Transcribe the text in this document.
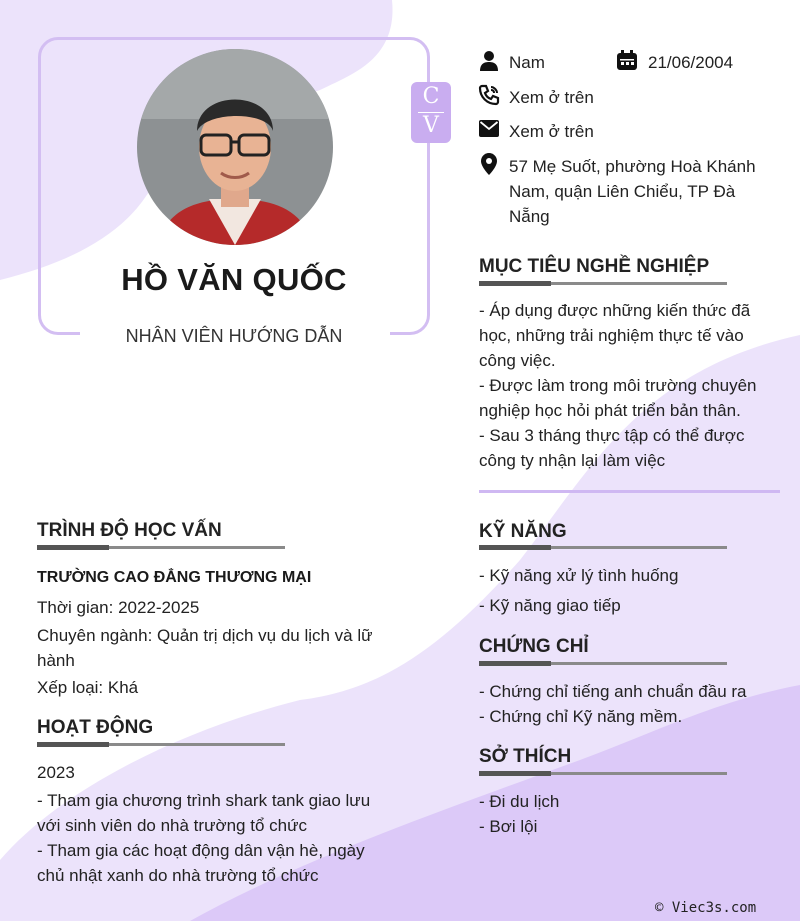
HỒ VĂN QUỐC
NHÂN VIÊN HƯỚNG DẪN
C
V
Nam	21/06/2004
Xem ở trên
Xem ở trên
57 Mẹ Suốt, phường Hoà Khánh
Nam, quận Liên Chiểu, TP Đà
Nẵng
MỤC TIÊU NGHỀ NGHIỆP
- Áp dụng được những kiến thức đã
học, những trải nghiệm thực tế vào
công việc.
- Được làm trong môi trường chuyên
nghiệp học hỏi phát triển bản thân.
- Sau 3 tháng thực tập có thể được
công ty nhận lại làm việc
TRÌNH ĐỘ HỌC VẤN
TRƯỜNG CAO ĐẲNG THƯƠNG MẠI
Thời gian: 2022-2025
Chuyên ngành: Quản trị dịch vụ du lịch và lữ
hành
Xếp loại: Khá
HOẠT ĐỘNG
2023
- Tham gia chương trình shark tank giao lưu
với sinh viên do nhà trường tổ chức
- Tham gia các hoạt động dân vận hè, ngày
chủ nhật xanh do nhà trường tổ chức
KỸ NĂNG
- Kỹ năng xử lý tình huống
- Kỹ năng giao tiếp
CHỨNG CHỈ
- Chứng chỉ tiếng anh chuẩn đầu ra
- Chứng chỉ Kỹ năng mềm.
SỞ THÍCH
- Đi du lịch
- Bơi lội
© Viec3s.com
